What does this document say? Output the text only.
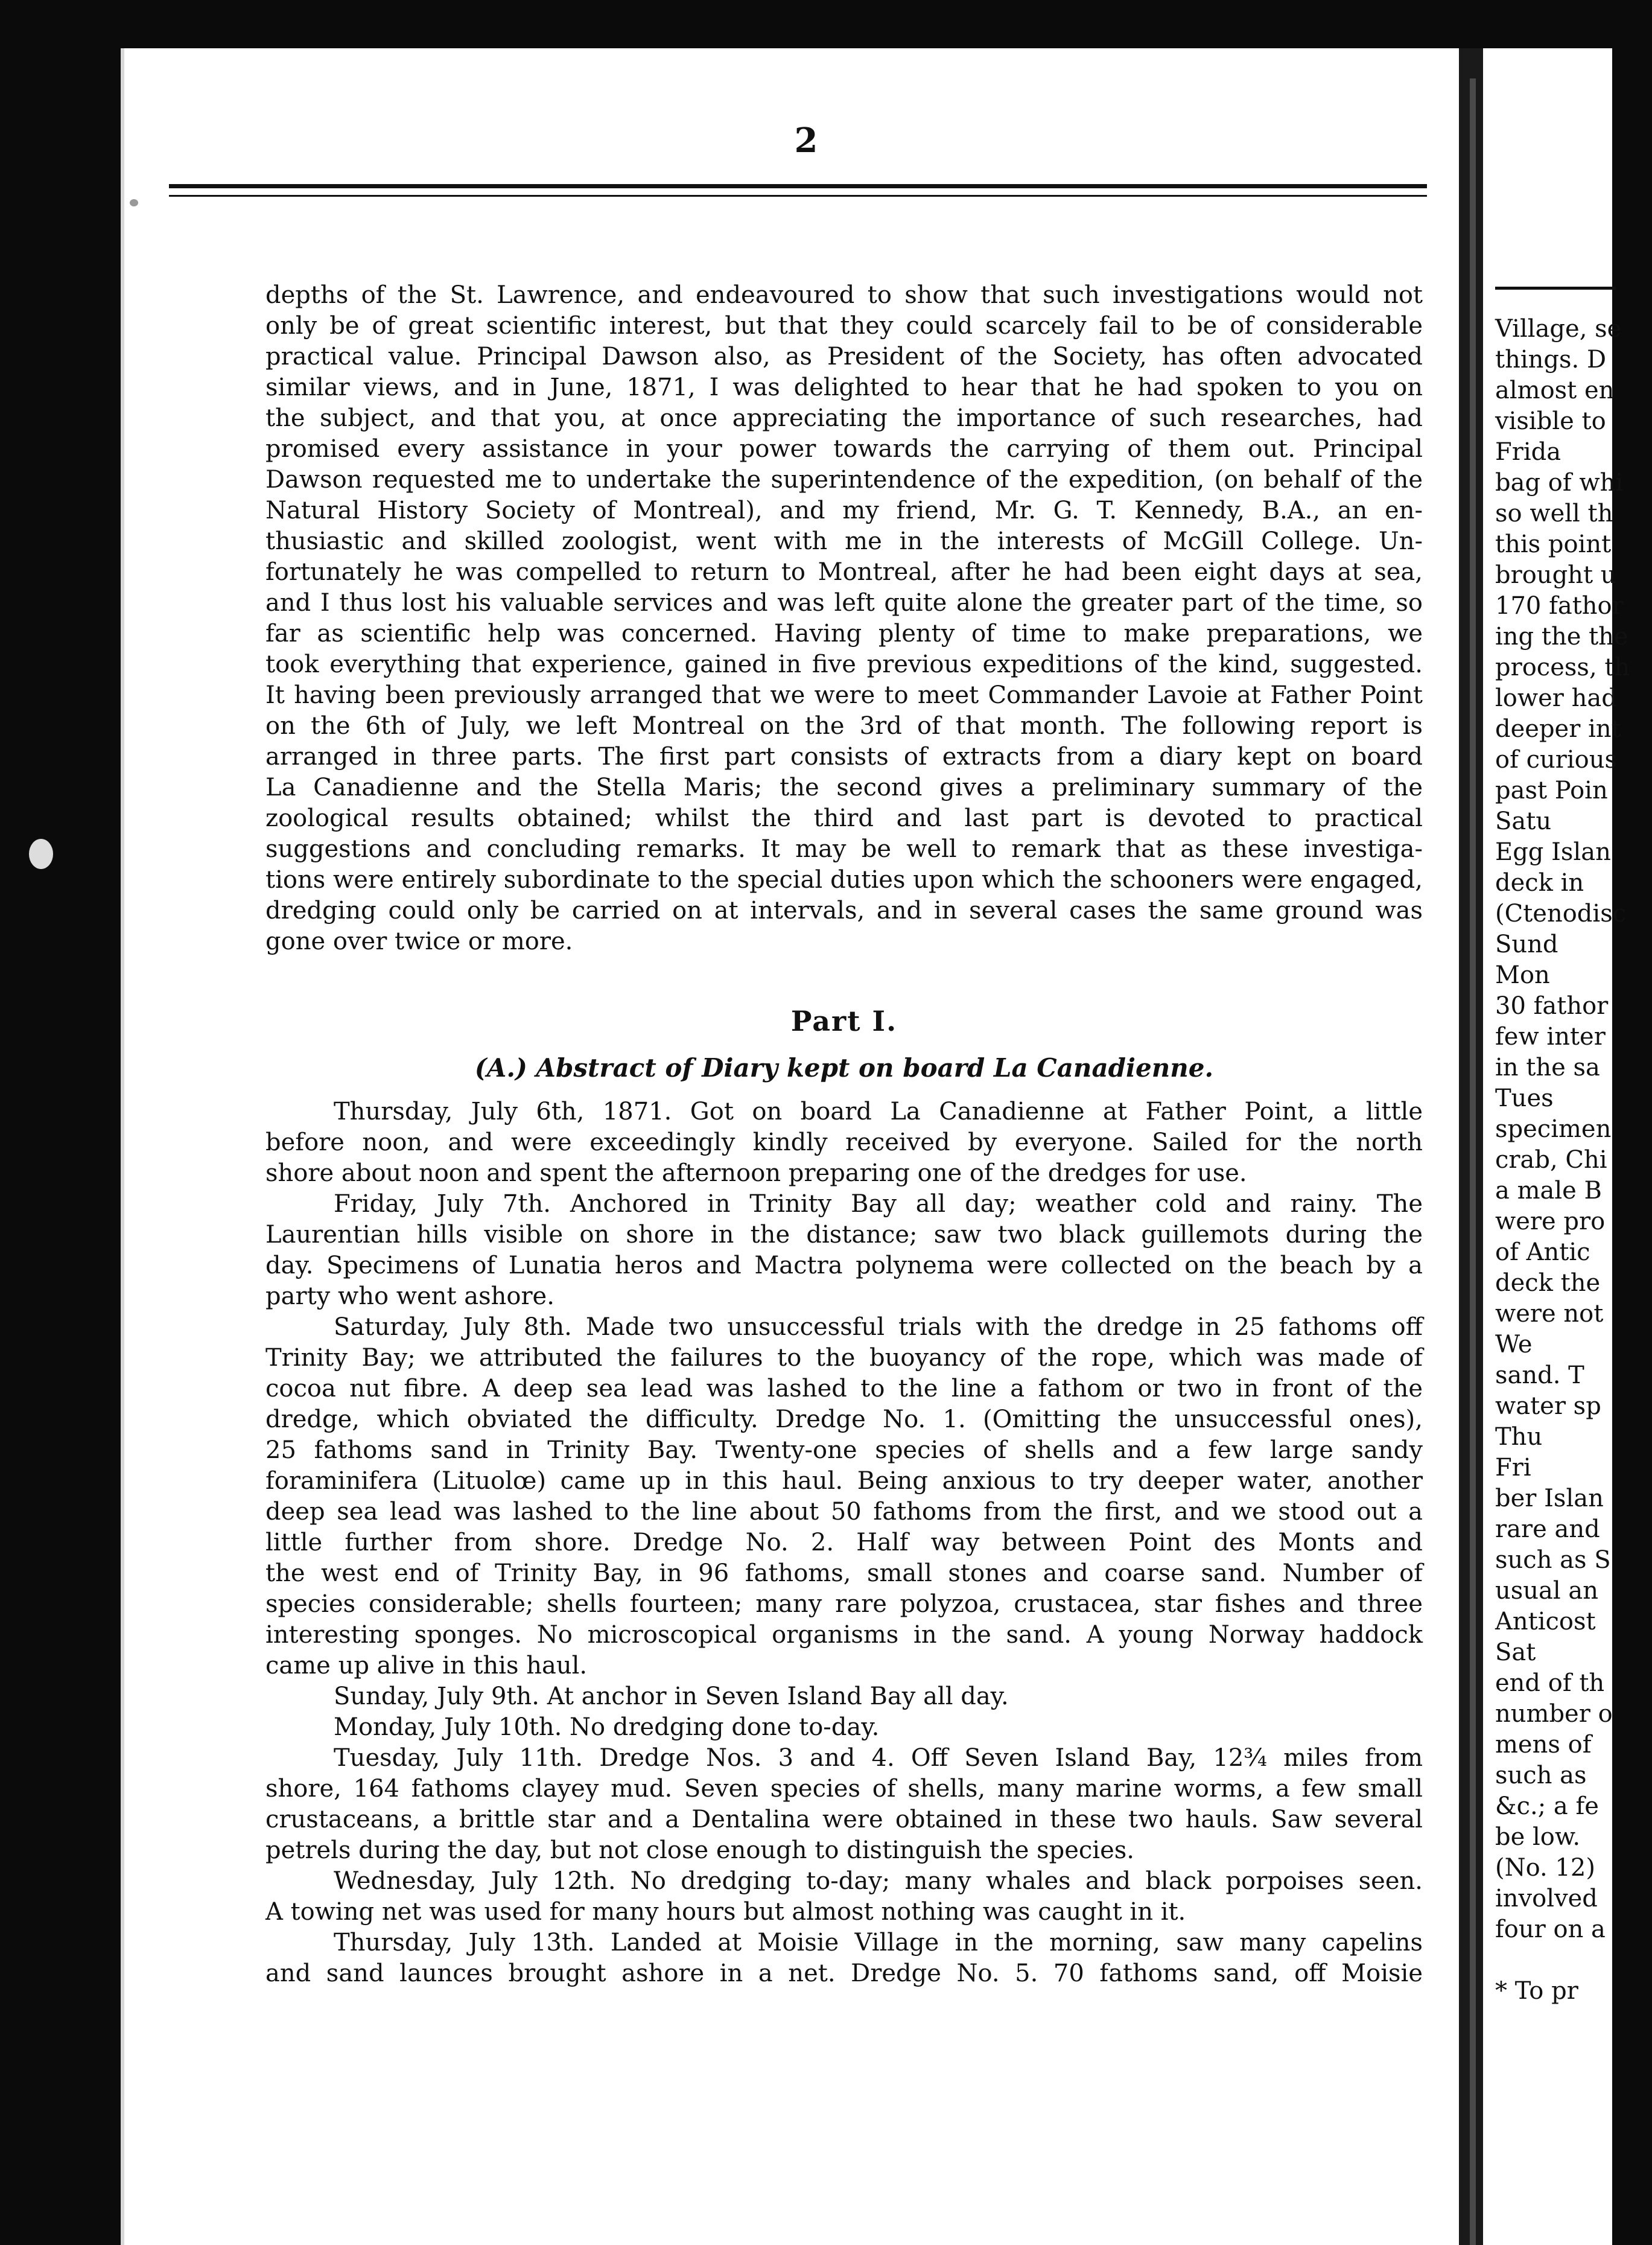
2
depths of the St. Lawrence, and endeavoured to show that such investigations would not
only be of great scientific interest, but that they could scarcely fail to be of considerable
practical value. Principal Dawson also, as President of the Society, has often advocated
similar views, and in June, 1871, I was delighted to hear that he had spoken to you on
the subject, and that you, at once appreciating the importance of such researches, had
promised every assistance in your power towards the carrying of them out. Principal
Dawson requested me to undertake the superintendence of the expedition, (on behalf of the
Natural History Society of Montreal), and my friend, Mr. G. T. Kennedy, B.A., an en-
thusiastic and skilled zoologist, went with me in the interests of McGill College. Un-
fortunately he was compelled to return to Montreal, after he had been eight days at sea,
and I thus lost his valuable services and was left quite alone the greater part of the time, so
far as scientific help was concerned. Having plenty of time to make preparations, we
took everything that experience, gained in five previous expeditions of the kind, suggested.
It having been previously arranged that we were to meet Commander Lavoie at Father Point
on the 6th of July, we left Montreal on the 3rd of that month. The following report is
arranged in three parts. The first part consists of extracts from a diary kept on board
La Canadienne and the Stella Maris; the second gives a preliminary summary of the
zoological results obtained; whilst the third and last part is devoted to practical
suggestions and concluding remarks. It may be well to remark that as these investiga-
tions were entirely subordinate to the special duties upon which the schooners were engaged,
dredging could only be carried on at intervals, and in several cases the same ground was
gone over twice or more.
Part I.
(A.) Abstract of Diary kept on board La Canadienne.
Thursday, July 6th, 1871. Got on board La Canadienne at Father Point, a little
before noon, and were exceedingly kindly received by everyone. Sailed for the north
shore about noon and spent the afternoon preparing one of the dredges for use.
Friday, July 7th. Anchored in Trinity Bay all day; weather cold and rainy. The
Laurentian hills visible on shore in the distance; saw two black guillemots during the
day. Specimens of Lunatia heros and Mactra polynema were collected on the beach by a
party who went ashore.
Saturday, July 8th. Made two unsuccessful trials with the dredge in 25 fathoms off
Trinity Bay; we attributed the failures to the buoyancy of the rope, which was made of
cocoa nut fibre. A deep sea lead was lashed to the line a fathom or two in front of the
dredge, which obviated the difficulty. Dredge No. 1. (Omitting the unsuccessful ones),
25 fathoms sand in Trinity Bay. Twenty-one species of shells and a few large sandy
foraminifera (Lituolœ) came up in this haul. Being anxious to try deeper water, another
deep sea lead was lashed to the line about 50 fathoms from the first, and we stood out a
little further from shore. Dredge No. 2. Half way between Point des Monts and
the west end of Trinity Bay, in 96 fathoms, small stones and coarse sand. Number of
species considerable; shells fourteen; many rare polyzoa, crustacea, star fishes and three
interesting sponges. No microscopical organisms in the sand. A young Norway haddock
came up alive in this haul.
Sunday, July 9th. At anchor in Seven Island Bay all day.
Monday, July 10th. No dredging done to-day.
Tuesday, July 11th. Dredge Nos. 3 and 4. Off Seven Island Bay, 12¾ miles from
shore, 164 fathoms clayey mud. Seven species of shells, many marine worms, a few small
crustaceans, a brittle star and a Dentalina were obtained in these two hauls. Saw several
petrels during the day, but not close enough to distinguish the species.
Wednesday, July 12th. No dredging to-day; many whales and black porpoises seen.
A towing net was used for many hours but almost nothing was caught in it.
Thursday, July 13th. Landed at Moisie Village in the morning, saw many capelins
and sand launces brought ashore in a net. Dredge No. 5. 70 fathoms sand, off Moisie
Village, se
things. D
almost en
visible to
Frida
bag of whi
so well th
this point
brought u
170 fathor
ing the the
process, th
lower had
deeper int
of curious
past Poin
Satu
Egg Islan
deck in
(Ctenodisc
Sund
Mon
30 fathor
few inter
in the sa
Tues
specimen
crab, Chi
a male B
were pro
of Antic
deck the
were not
We
sand. T
water sp
Thu
Fri
ber Islan
rare and
such as S
usual an
Anticost
Sat
end of th
number o
mens of
such as
&c.; a fe
be low.
(No. 12)
involved
four on a

* To pr
